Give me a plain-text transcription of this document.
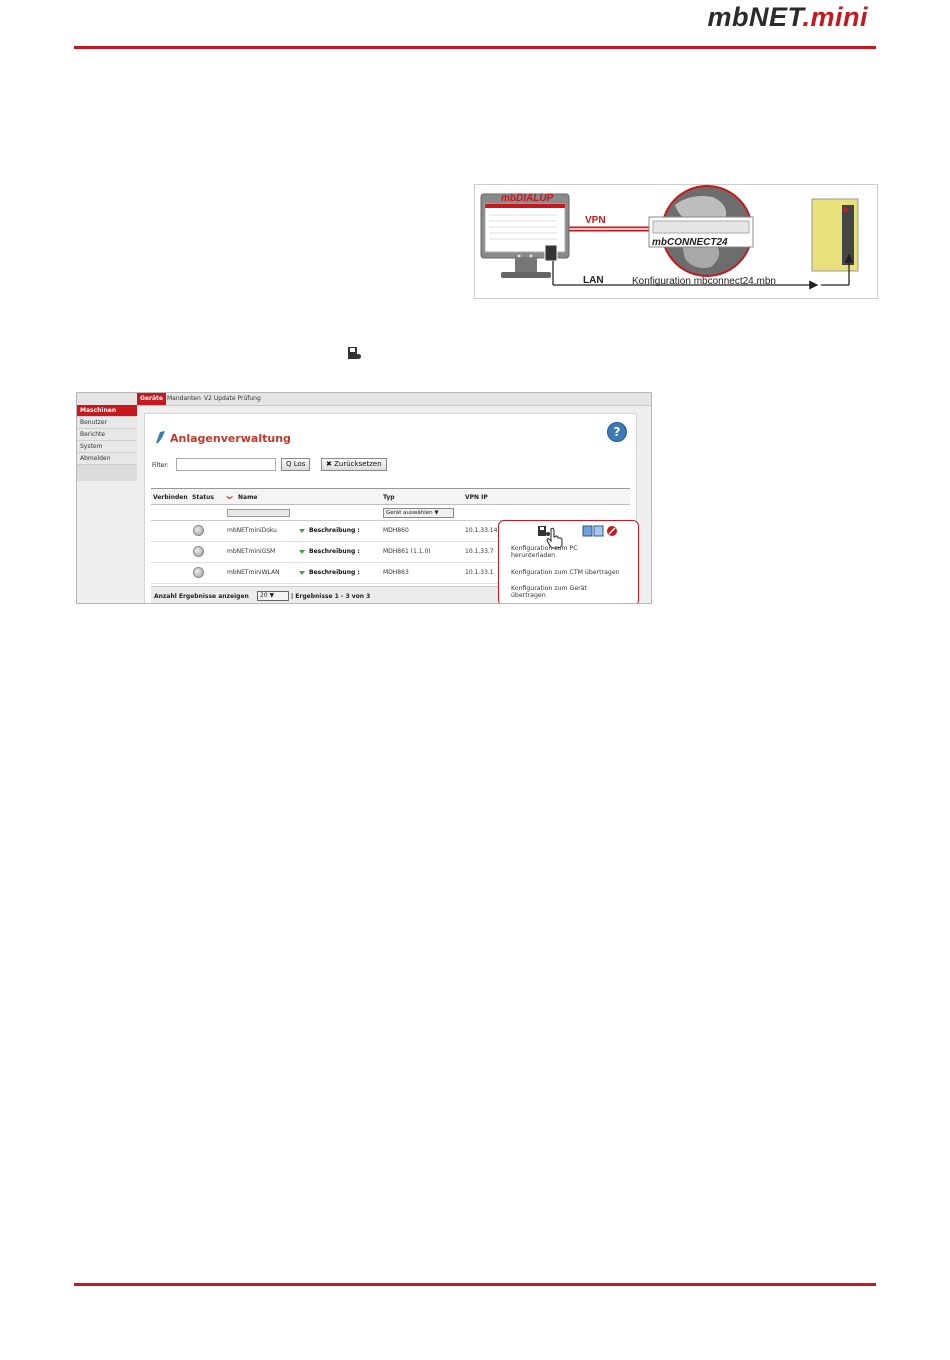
mbNET.mini
mbCONNECT24
mbDIALUP
VPN
LAN	Konfiguration mbconnect24.mbn
Geräte Mandanten V2 Update Prüfung
Maschinen
Benutzer
Berichte
System
Abmelden
Anlagenverwaltung	?
Filter:	Q Los	✖ Zurücksetzen
Verbinden Status ❯ Name	Typ	VPN IP
Gerät auswählen ▼
mbNETminiDoku	Beschreibung :	MDH860	10.1.33.14
mbNETminiGSM	Beschreibung :	MDH861 (1.1.0)	10.1.33.7
mbNETminiWLAN	Beschreibung :	MDH863	10.1.33.1
Anzahl Ergebnisse anzeigen	20 ▼	| Ergebnisse 1 - 3 von 3
Konfiguration zum PC herunterladen
Konfiguration zum CTM übertragen
Konfiguration zum Gerät übertragen
